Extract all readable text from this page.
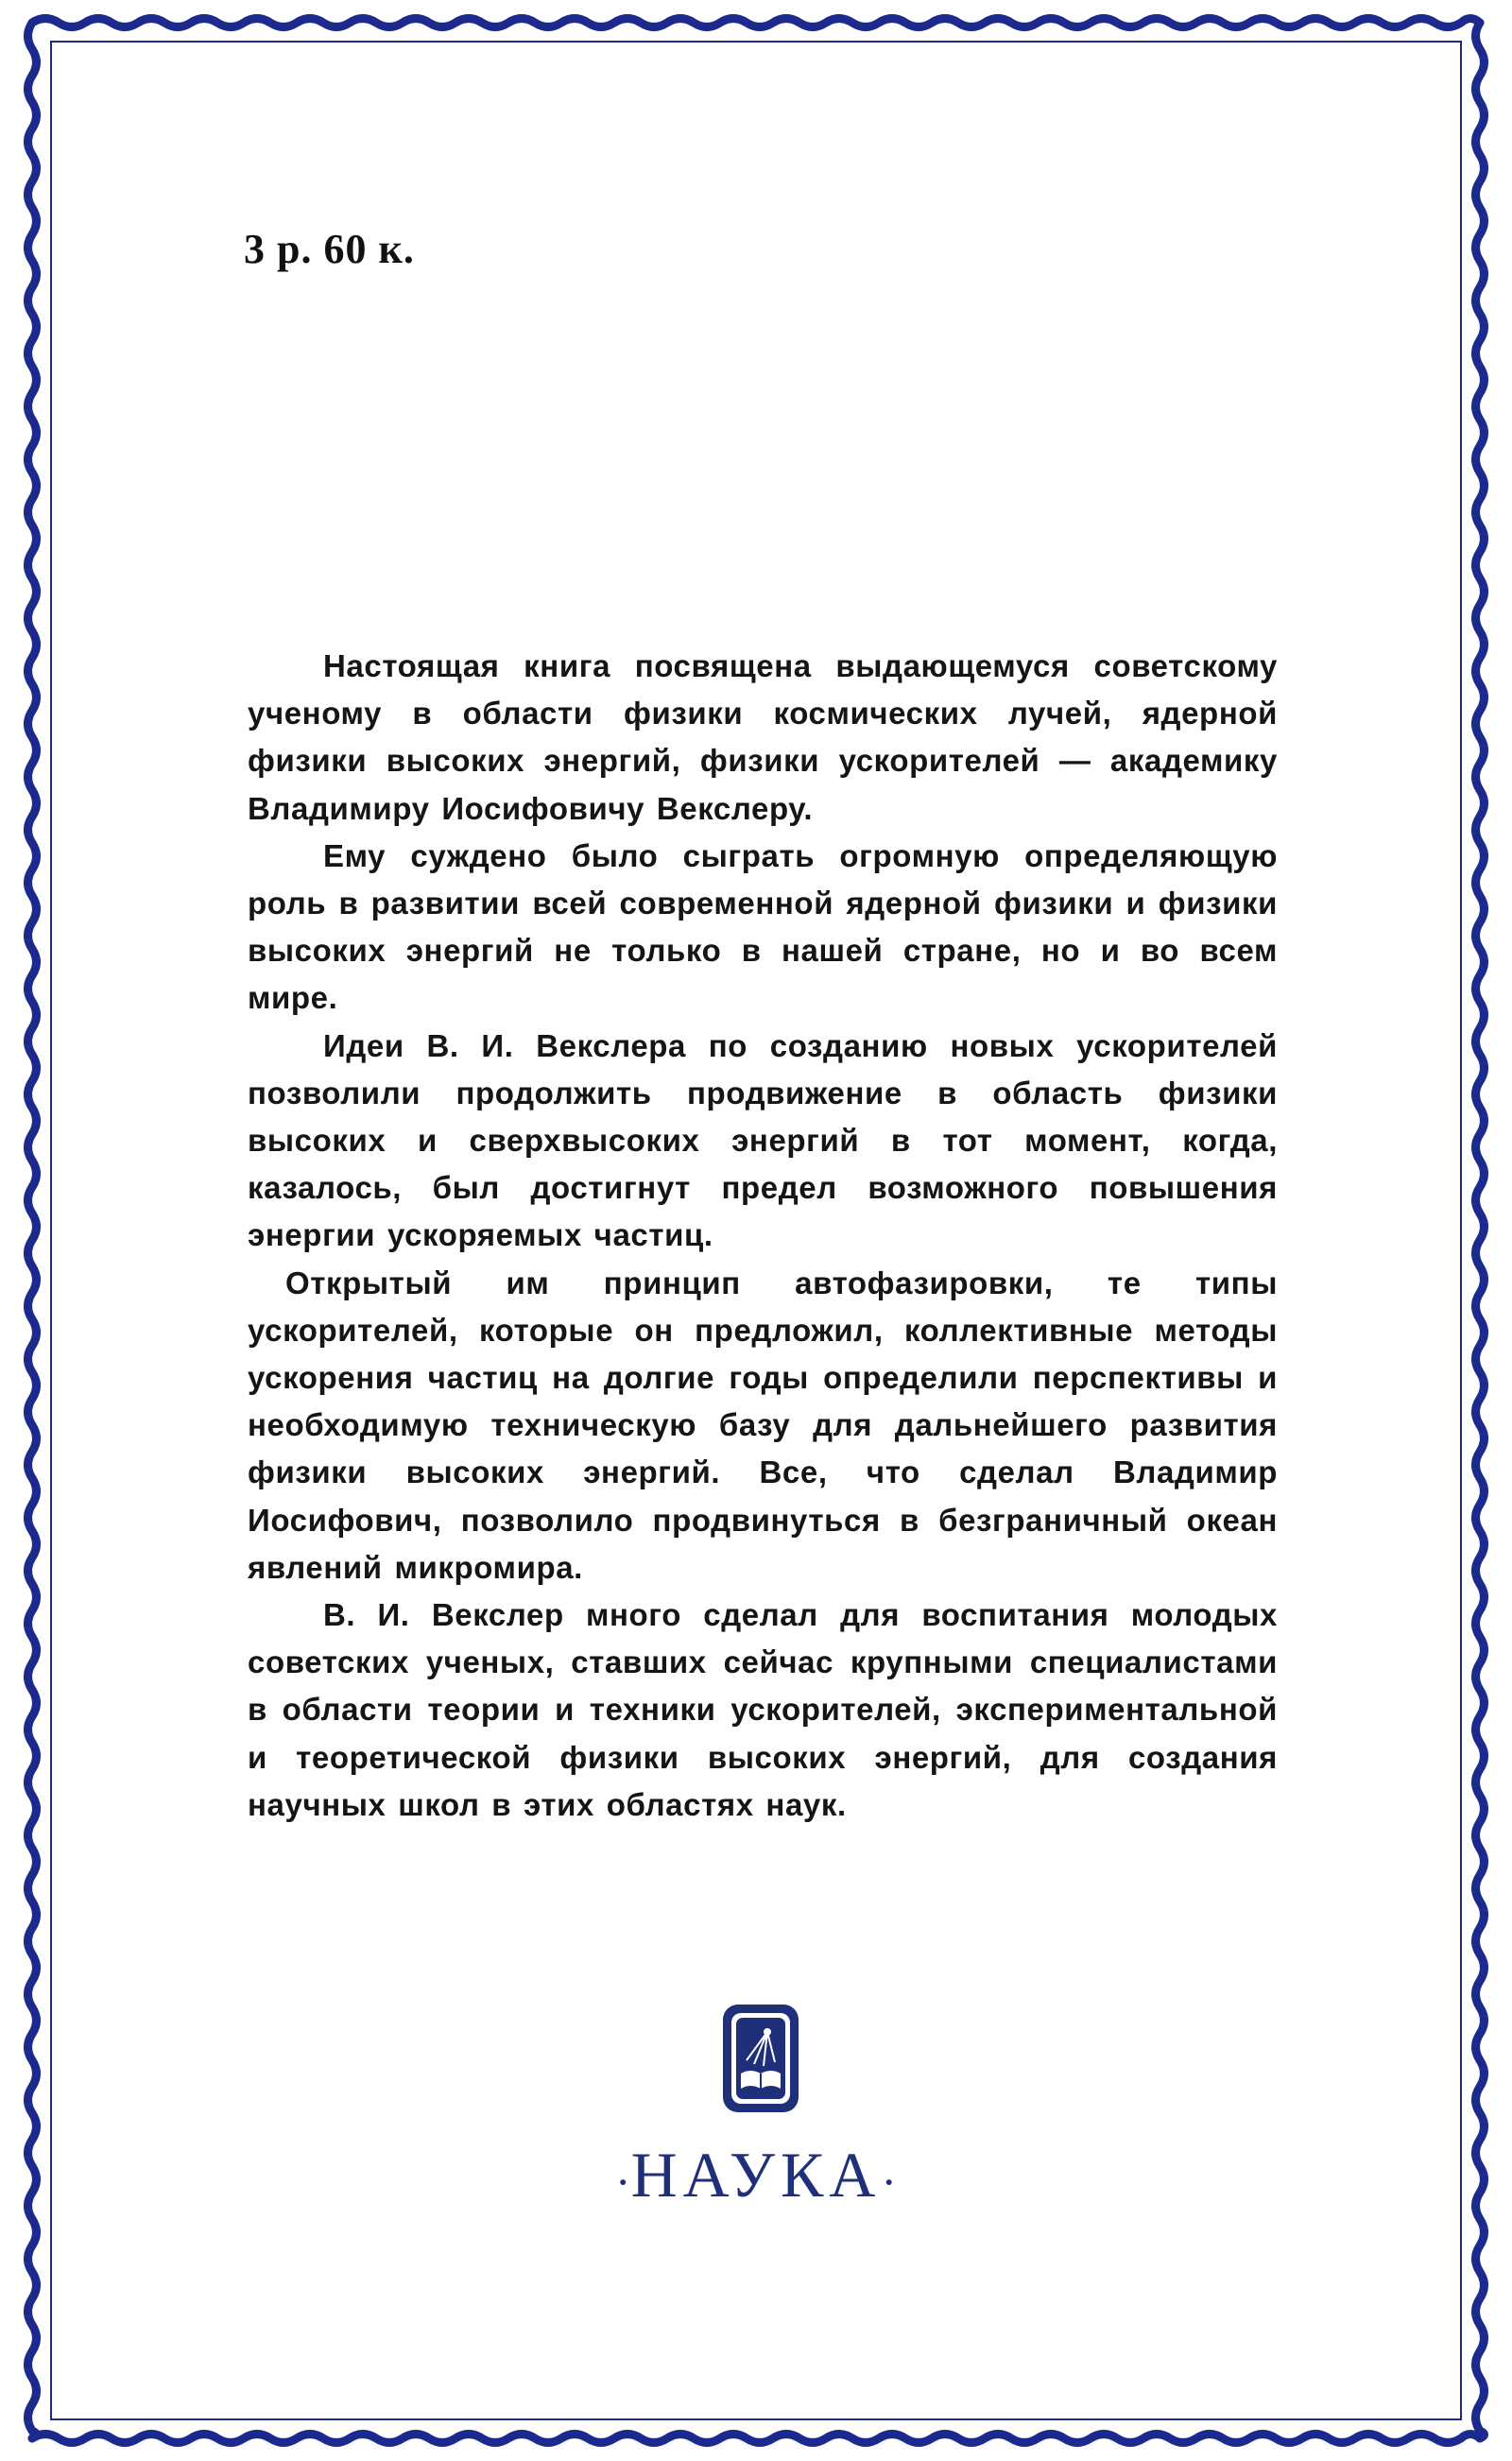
3 р. 60 к.

Настоящая книга посвящена выдающемуся советскому ученому в области физики космических лучей, ядерной физики высоких энергий, физики ускорителей — академику Владимиру Иосифовичу Векслеру.

Ему суждено было сыграть огромную определяющую роль в развитии всей современной ядерной физики и физики высоких энергий не только в нашей стране, но и во всем мире.

Идеи В. И. Векслера по созданию новых ускорителей позволили продолжить продвижение в область физики высоких и сверхвысоких энергий в тот момент, когда, казалось, был достигнут предел возможного повышения энергии ускоряемых частиц.

Открытый им принцип автофазировки, те типы ускорителей, которые он предложил, коллективные методы ускорения частиц на долгие годы определили перспективы и необходимую техническую базу для дальнейшего развития физики высоких энергий. Все, что сделал Владимир Иосифович, позволило продвинуться в безграничный океан явлений микромира.

В. И. Векслер много сделал для воспитания молодых советских ученых, ставших сейчас крупными специалистами в области теории и техники ускорителей, экспериментальной и теоретической физики высоких энергий, для создания научных школ в этих областях наук.

·НАУКА·
